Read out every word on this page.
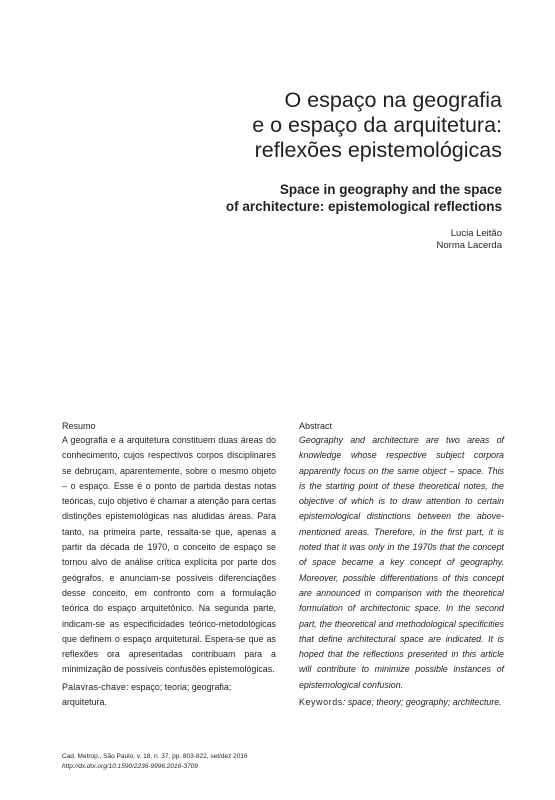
O espaço na geografia
e o espaço da arquitetura:
reflexões epistemológicas
Space in geography and the space
of architecture: epistemological reflections
Lucia Leitão
Norma Lacerda
Resumo

A geografia e a arquitetura constituem duas áreas do conhecimento, cujos respectivos corpos disciplinares se debruçam, aparentemente, sobre o mesmo objeto – o espaço. Esse é o ponto de partida destas notas teóricas, cujo objetivo é chamar a atenção para certas distinções epistemológicas nas aludidas áreas. Para tanto, na primeira parte, ressalta-se que, apenas a partir da década de 1970, o conceito de espaço se tornou alvo de análise crítica explícita por parte dos geógrafos, e anunciam-se possíveis diferenciações desse conceito, em confronto com a formulação teórica do espaço arquitetônico. Na segunda parte, indicam-se as especificidades teórico-metodológicas que definem o espaço arquitetural. Espera-se que as reflexões ora apresentadas contribuam para a minimização de possíveis confusões epistemológicas.

Palavras-chave: espaço; teoria; geografia; arquitetura.
Abstract

Geography and architecture are two areas of knowledge whose respective subject corpora apparently focus on the same object – space. This is the starting point of these theoretical notes, the objective of which is to draw attention to certain epistemological distinctions between the above-mentioned areas. Therefore, in the first part, it is noted that it was only in the 1970s that the concept of space became a key concept of geography. Moreover, possible differentiations of this concept are announced in comparison with the theoretical formulation of architectonic space. In the second part, the theoretical and methodological specificities that define architectural space are indicated. It is hoped that the reflections presented in this article will contribute to minimize possible instances of epistemological confusion.

Keywords: space; theory; geography; architecture.
Cad. Metrop., São Paulo, v. 18, n. 37, pp. 803-822, set/dez 2016
http://dx.doi.org/10.1590/2236-9996.2016-3709
